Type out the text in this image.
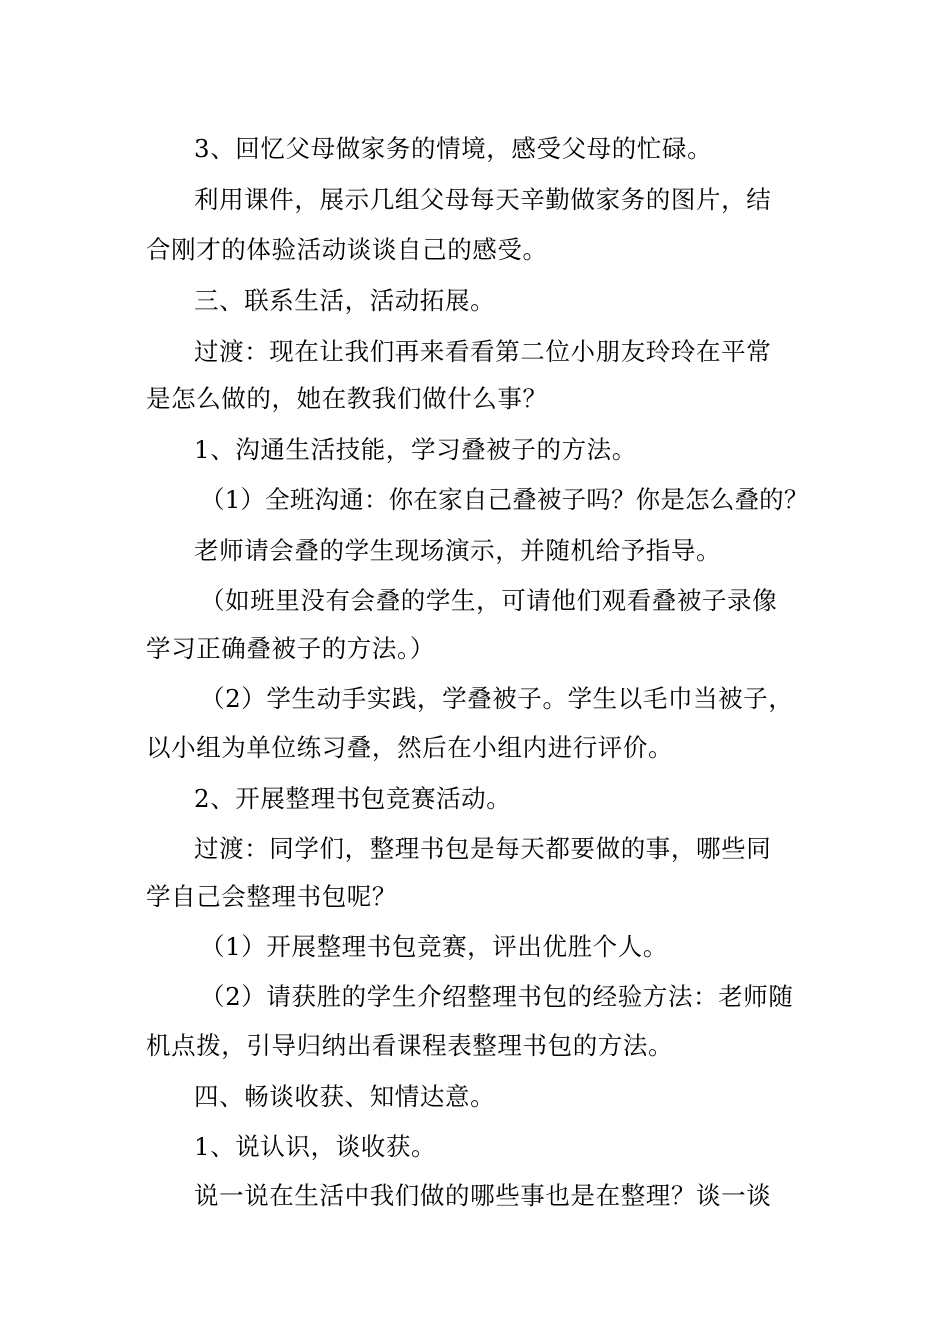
3、回忆父母做家务的情境，感受父母的忙碌。
利用课件，展示几组父母每天辛勤做家务的图片，结
合刚才的体验活动谈谈自己的感受。
三、联系生活，活动拓展。
过渡：现在让我们再来看看第二位小朋友玲玲在平常
是怎么做的，她在教我们做什么事？
1、沟通生活技能，学习叠被子的方法。
（1）全班沟通：你在家自己叠被子吗？你是怎么叠的？
老师请会叠的学生现场演示，并随机给予指导。
（如班里没有会叠的学生，可请他们观看叠被子录像
学习正确叠被子的方法。）
（2）学生动手实践，学叠被子。学生以毛巾当被子，
以小组为单位练习叠，然后在小组内进行评价。
2、开展整理书包竞赛活动。
过渡：同学们，整理书包是每天都要做的事，哪些同
学自己会整理书包呢？
（1）开展整理书包竞赛，评出优胜个人。
（2）请获胜的学生介绍整理书包的经验方法：老师随
机点拨，引导归纳出看课程表整理书包的方法。
四、畅谈收获、知情达意。
1、说认识，谈收获。
说一说在生活中我们做的哪些事也是在整理？谈一谈
